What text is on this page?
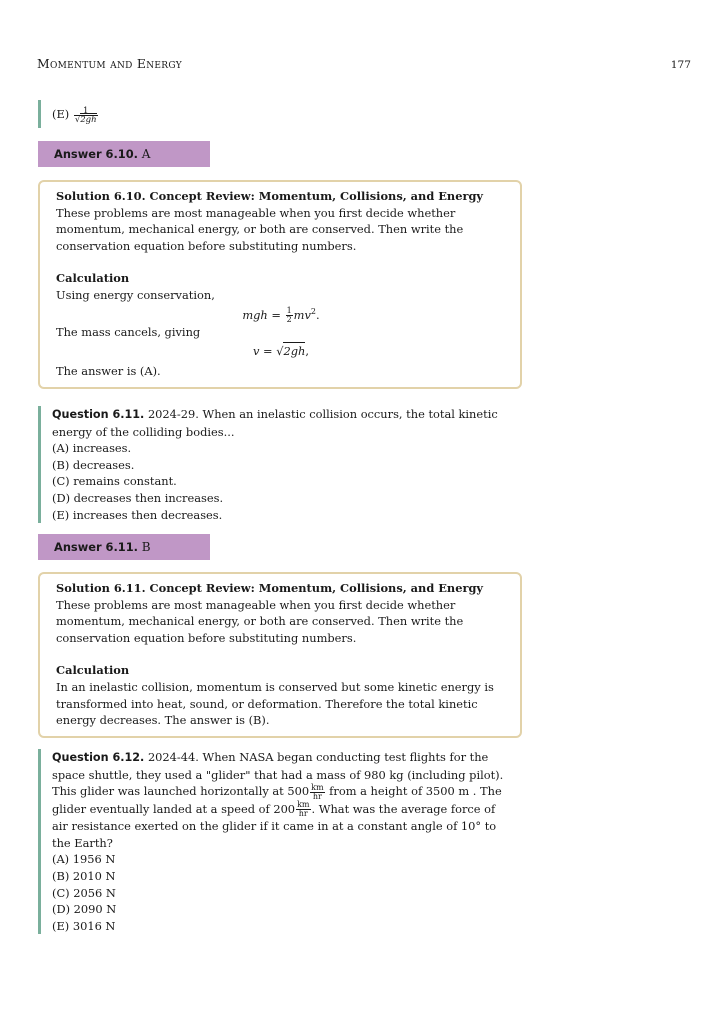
Momentum and Energy	177

$(E) \frac{1}{√2gh}$

Answer 6.10. A

Solution 6.10. Concept Review: Momentum, Collisions, and Energy

These problems are most manageable when you first decide whether momentum, mechanical energy, or both are conserved. Then write the conservation equation before substituting numbers.

Calculation

Using energy conservation,

mgh = $\frac{1}{2} mv^2$.

The mass cancels, giving

v = √2gh,

The answer is (A).

Question 6.11. 2024-29. When an inelastic collision occurs, the total kinetic energy of the colliding bodies...

(A) increases.

(B) decreases.

(C) remains constant.

(D) decreases then increases.

(E) increases then decreases.

Answer 6.11. B

Solution 6.11. Concept Review: Momentum, Collisions, and Energy

These problems are most manageable when you first decide whether momentum, mechanical energy, or both are conserved. Then write the conservation equation before substituting numbers.

Calculation

In an inelastic collision, momentum is conserved but some kinetic energy is transformed into heat, sound, or deformation. Therefore the total kinetic energy decreases. The answer is (B).

Question 6.12. 2024-44. When NASA began conducting test flights for the space shuttle, they used a "glider" that had a mass of 980 kg (including pilot). This glider was launched horizontally at $500 \frac{km}{hr}$ from a height of 3500 m . The glider eventually landed at a speed of $200 \frac{km}{hr}$ . What was the average force of air resistance exerted on the glider if it came in at a constant angle of 10° to the Earth?

(A) 1956 N

(B) 2010 N

(C) 2056 N

(D) 2090 N

(E) 3016 N
